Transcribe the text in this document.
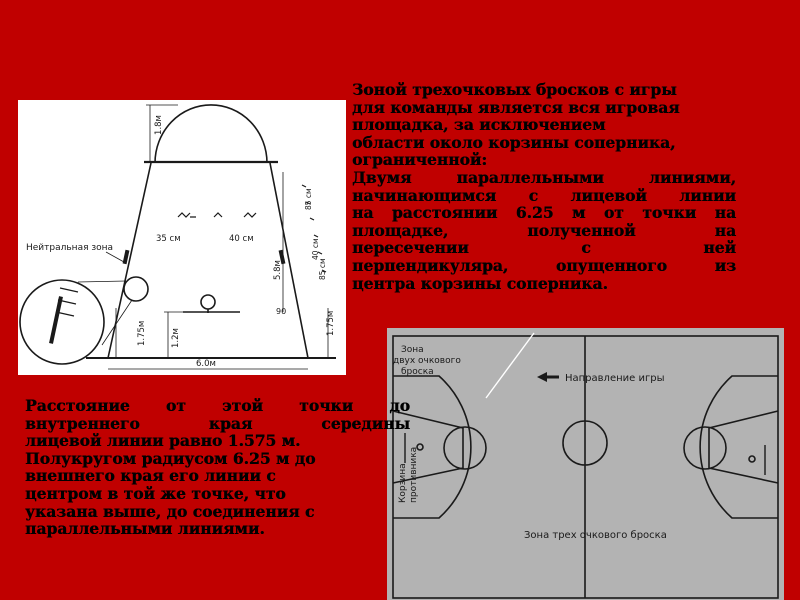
1.8м
35 см	40 см
Нейтральная зона
85 см
40 см
85 см
5.8м
90
1.75м	1.2м
1.75м
6.0м
Зона двух очкового броска
Направление игры
Корзина противника
Зона трех очкового броска
Зоной трехочковых бросков с игры
для команды является вся игровая
площадка, за исключением
области около корзины соперника,
ограниченной:
Двумя параллельными линиями,
начинающимся с лицевой линии
на расстоянии 6.25 м от точки на
площадке, полученной на
пересечении с ней
перпендикуляра, опущенного из
центра корзины соперника.
Расстояние от этой точки до
внутреннего края середины
лицевой линии равно 1.575 м.
Полукругом радиусом 6.25 м до
внешнего края его линии с
центром в той же точке, что
указана выше, до соединения с
параллельными линиями.
